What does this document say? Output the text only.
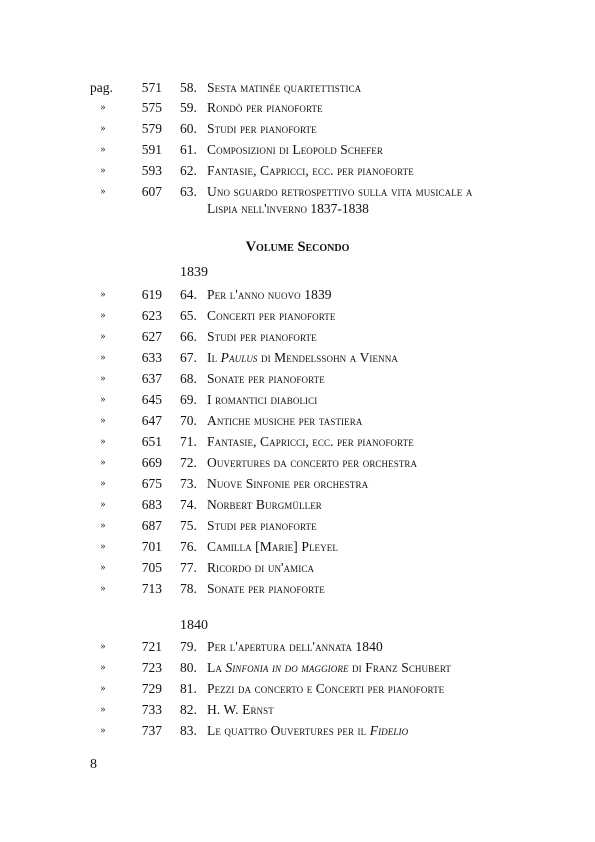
pag.	571 58. Sesta matinée quartettistica
»	575 59. Rondò per pianoforte
»	579 60. Studi per pianoforte
»	591 61. Composizioni di Leopold Schefer
»	593 62. Fantasie, Capricci, ecc. per pianoforte
»	607 63. Uno sguardo retrospettivo sulla vita musicale a
Lispia nell'inverno 1837-1838
Volume Secondo
1839
»	619 64. Per l'anno nuovo 1839
»	623 65. Concerti per pianoforte
»	627 66. Studi per pianoforte
»	633 67. Il Paulus di Mendelssohn a Vienna
»	637 68. Sonate per pianoforte
»	645 69. I romantici diabolici
»	647 70. Antiche musiche per tastiera
»	651 71. Fantasie, Capricci, ecc. per pianoforte
»	669 72. Ouvertures da concerto per orchestra
»	675 73. Nuove Sinfonie per orchestra
»	683 74. Norbert Burgmüller
»	687 75. Studi per pianoforte
»	701 76. Camilla [Marie] Pleyel
»	705 77. Ricordo di un'amica
»	713 78. Sonate per pianoforte
1840
»	721 79. Per l'apertura dell'annata 1840
»	723 80. La Sinfonia in do maggiore di Franz Schubert
»	729 81. Pezzi da concerto e Concerti per pianoforte
»	733 82. H. W. Ernst
»	737 83. Le quattro Ouvertures per il Fidelio
8
